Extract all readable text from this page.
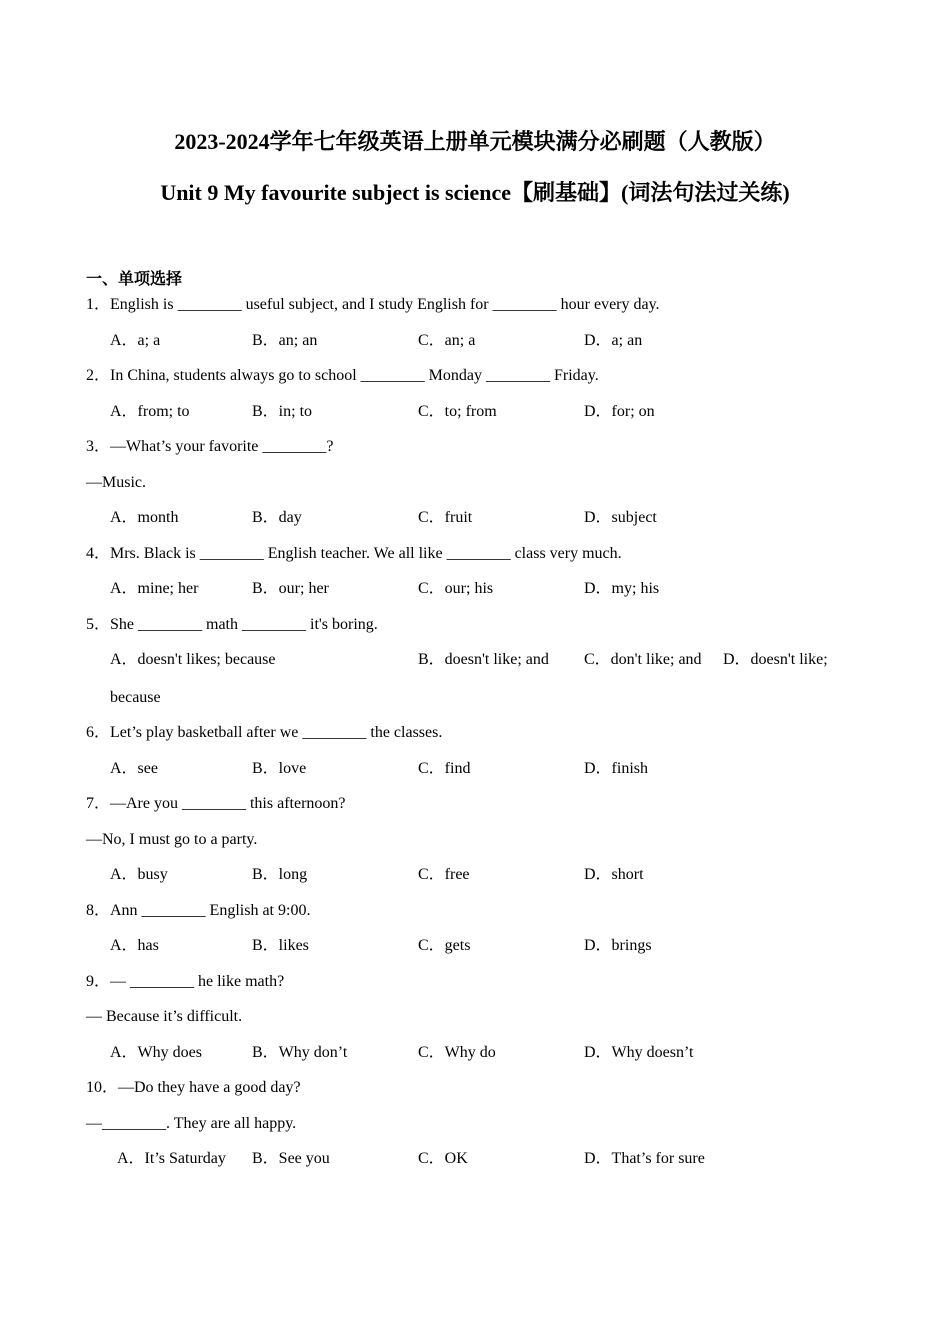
2023-2024学年七年级英语上册单元模块满分必刷题（人教版）
Unit 9 My favourite subject is science【刷基础】(词法句法过关练)
一、单项选择
1．English is ________ useful subject, and I study English for ________ hour every day.
A．a; a	B．an; an	C．an; a	D．a; an
2．In China, students always go to school ________ Monday ________ Friday.
A．from; to	B．in; to	C．to; from	D．for; on
3．—What’s your favorite ________?
—Music.
A．month	B．day	C．fruit	D．subject
4．Mrs. Black is ________ English teacher. We all like ________ class very much.
A．mine; her	B．our; her	C．our; his	D．my; his
5．She ________ math ________ it's boring.
A．doesn't likes; because	B．doesn't like; and C．don't like; and D．doesn't like;
because
6．Let’s play basketball after we ________ the classes.
A．see	B．love	C．find	D．finish
7．—Are you ________ this afternoon?
—No, I must go to a party.
A．busy	B．long	C．free	D．short
8．Ann ________ English at 9:00.
A．has	B．likes	C．gets	D．brings
9．— ________ he like math?
— Because it’s difficult.
A．Why does	B．Why don’t	C．Why do	D．Why doesn’t
10．—Do they have a good day?
—________. They are all happy.
A．It’s Saturday B．See you	C．OK	D．That’s for sure
